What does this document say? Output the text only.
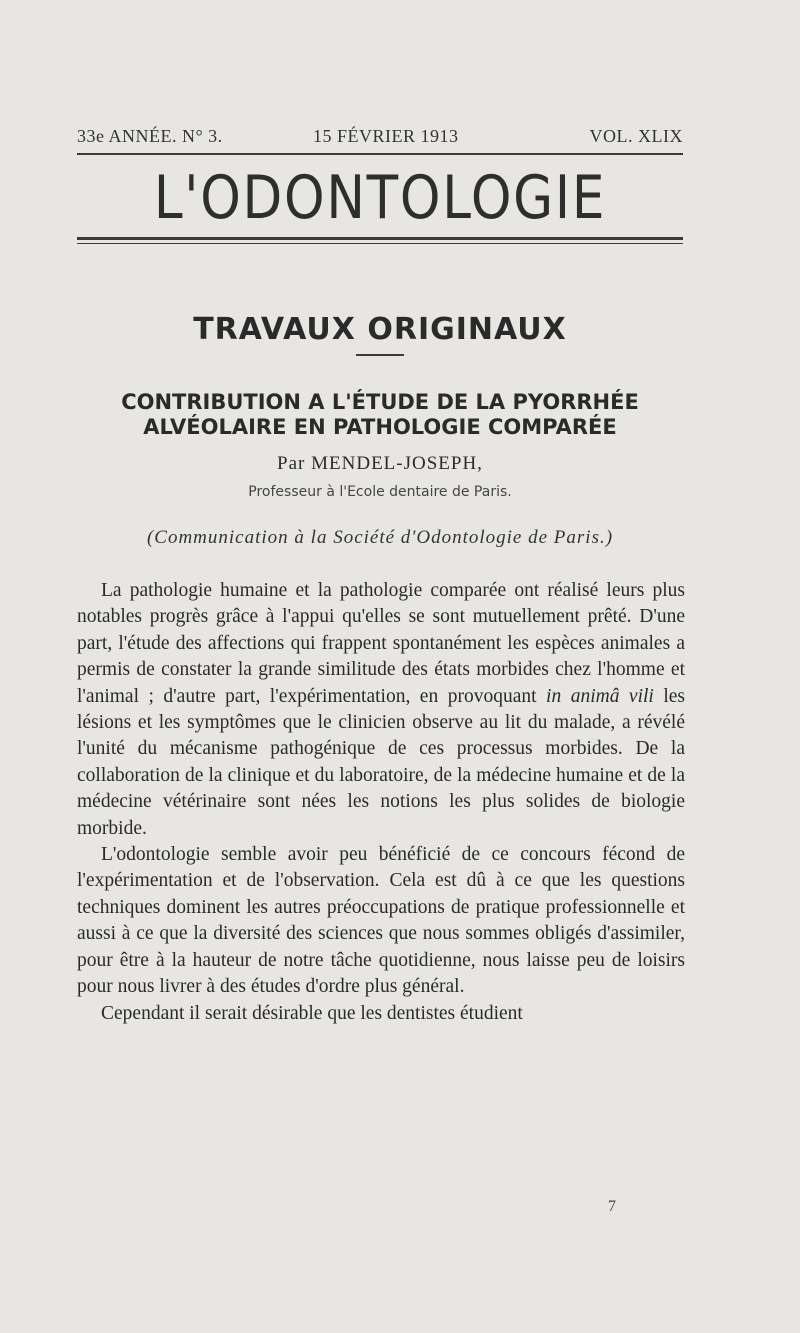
33e ANNÉE. N° 3.	15 FÉVRIER 1913	VOL. XLIX
L'ODONTOLOGIE
TRAVAUX ORIGINAUX
CONTRIBUTION A L'ÉTUDE DE LA PYORRHÉE
ALVÉOLAIRE EN PATHOLOGIE COMPARÉE
Par MENDEL-JOSEPH,
Professeur à l'Ecole dentaire de Paris.
(Communication à la Société d'Odontologie de Paris.)

La pathologie humaine et la pathologie comparée ont réalisé leurs plus notables progrès grâce à l'appui qu'elles se sont mutuellement prêté. D'une part, l'étude des affections qui frappent spontanément les espèces animales a permis de constater la grande similitude des états morbides chez l'homme et l'animal ; d'autre part, l'expérimentation, en provoquant in animâ vili les lésions et les symptômes que le clinicien observe au lit du malade, a révélé l'unité du mécanisme pathogénique de ces processus morbides. De la collaboration de la clinique et du laboratoire, de la médecine humaine et de la médecine vétérinaire sont nées les notions les plus solides de biologie morbide.

L'odontologie semble avoir peu bénéficié de ce concours fécond de l'expérimentation et de l'observation. Cela est dû à ce que les questions techniques dominent les autres préoccupations de pratique professionnelle et aussi à ce que la diversité des sciences que nous sommes obligés d'assimiler, pour être à la hauteur de notre tâche quotidienne, nous laisse peu de loisirs pour nous livrer à des études d'ordre plus général.

Cependant il serait désirable que les dentistes étudient

7
